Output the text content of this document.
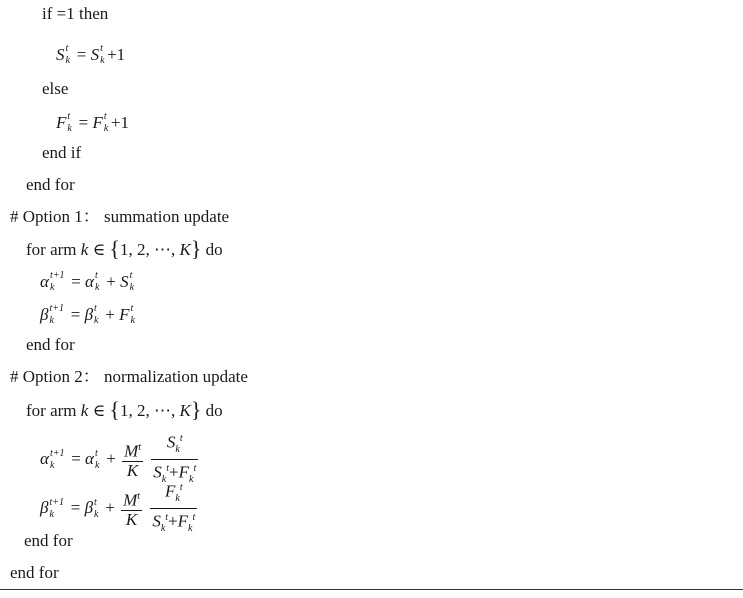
if =1 then
S t
k = S t
k +1
else
F t
k = F t
k +1
end if
end for
# Option 1： summation update
for arm k ∈ {1, 2, ⋯, K} do
α t+1
k = α t
k + S t
k
β t+1
k = β t
k + F t
k
end for
# Option 2： normalization update
for arm k ∈ {1, 2, ⋯, K} do
α t+1
k = α t
$k + \frac{M^t}{K}$
$\frac{S_k^t}{S_k^t+F_k^t}$
β t+1
k = β t
$k + \frac{M^t}{K}$
$\frac{F_k^t}{S_k^t+F_k^t}$
end for
end for
